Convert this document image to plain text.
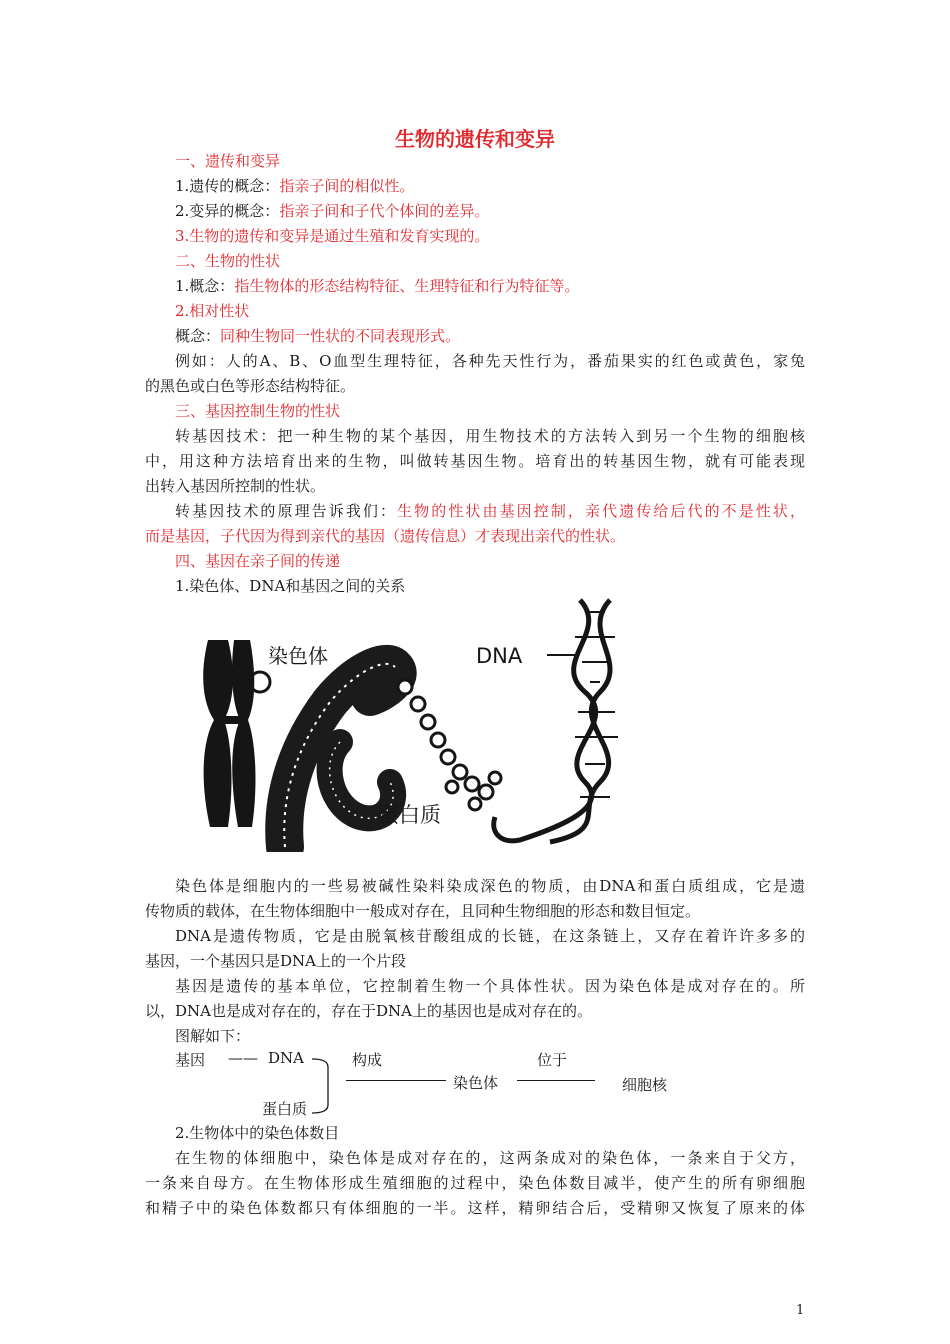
生物的遗传和变异
一、遗传和变异
1.遗传的概念：指亲子间的相似性。
2.变异的概念：指亲子间和子代个体间的差异。
3.生物的遗传和变异是通过生殖和发育实现的。
二、生物的性状
1.概念：指生物体的形态结构特征、生理特征和行为特征等。
2.相对性状
概念：同种生物同一性状的不同表现形式。
例如：人的A、B、O血型生理特征，各种先天性行为，番茄果实的红色或黄色，家兔
的黑色或白色等形态结构特征。
三、基因控制生物的性状
转基因技术：把一种生物的某个基因，用生物技术的方法转入到另一个生物的细胞核
中，用这种方法培育出来的生物，叫做转基因生物。培育出的转基因生物，就有可能表现
出转入基因所控制的性状。
转基因技术的原理告诉我们：生物的性状由基因控制，亲代遗传给后代的不是性状，
而是基因，子代因为得到亲代的基因（遗传信息）才表现出亲代的性状。
四、基因在亲子间的传递
1.染色体、DNA和基因之间的关系
染色体	DNA
蛋白质
染色体是细胞内的一些易被碱性染料染成深色的物质，由DNA和蛋白质组成，它是遗
传物质的载体，在生物体细胞中一般成对存在，且同种生物细胞的形态和数目恒定。
DNA是遗传物质，它是由脱氧核苷酸组成的长链，在这条链上，又存在着许许多多的
基因，一个基因只是DNA上的一个片段
基因是遗传的基本单位，它控制着生物一个具体性状。因为染色体是成对存在的。所
以，DNA也是成对存在的，存在于DNA上的基因也是成对存在的。
图解如下：
基因 —— DNA	构成	位于
染色体	细胞核
蛋白质
2.生物体中的染色体数目
在生物的体细胞中，染色体是成对存在的，这两条成对的染色体，一条来自于父方，
一条来自母方。在生物体形成生殖细胞的过程中，染色体数目减半，使产生的所有卵细胞
和精子中的染色体数都只有体细胞的一半。这样，精卵结合后，受精卵又恢复了原来的体
1
